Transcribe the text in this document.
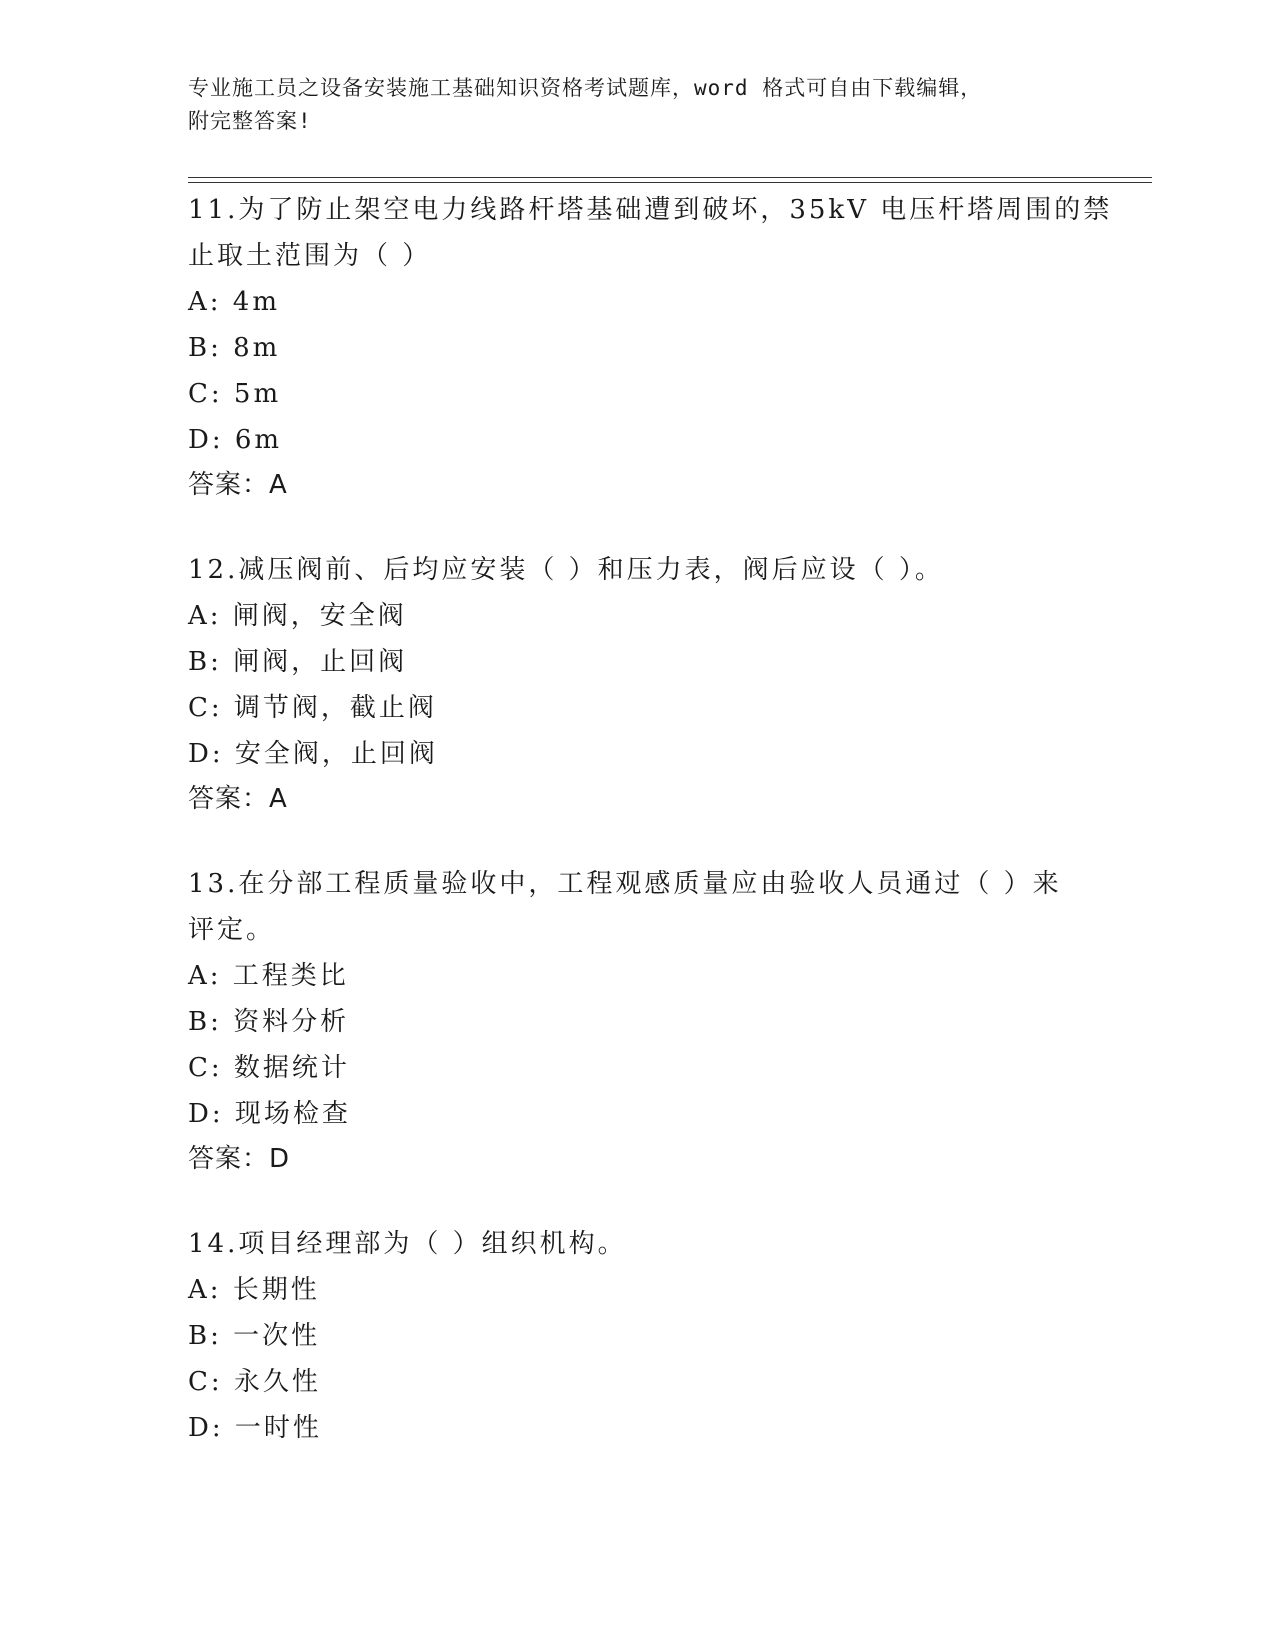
专业施工员之设备安装施工基础知识资格考试题库，word 格式可自由下载编辑，
附完整答案!
11.为了防止架空电力线路杆塔基础遭到破坏，35kV 电压杆塔周围的禁
止取土范围为（ ）
A: 4m
B: 8m
C: 5m
D: 6m
答案：A
12.减压阀前、后均应安装（ ）和压力表，阀后应设（ ）。
A: 闸阀，安全阀
B: 闸阀，止回阀
C: 调节阀，截止阀
D: 安全阀，止回阀
答案：A
13.在分部工程质量验收中，工程观感质量应由验收人员通过（ ）来
评定。
A: 工程类比
B: 资料分析
C: 数据统计
D: 现场检查
答案：D
14.项目经理部为（ ）组织机构。
A: 长期性
B: 一次性
C: 永久性
D: 一时性
